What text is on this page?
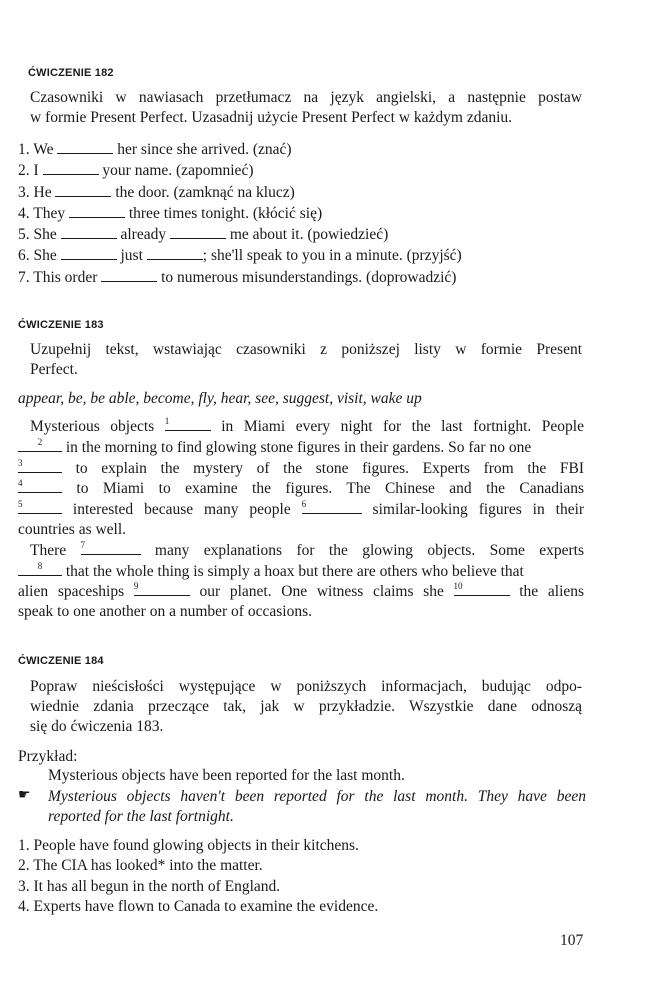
ĆWICZENIE 182
Czasowniki w nawiasach przetłumacz na język angielski, a następnie postaw
w formie Present Perfect. Uzasadnij użycie Present Perfect w każdym zdaniu.
1. We	her since she arrived. (znać)
2. I	your name. (zapomnieć)
3. He	the door. (zamknąć na klucz)
4. They	three times tonight. (kłócić się)
5. She	already	me about it. (powiedzieć)
6. She	just	; she'll speak to you in a minute. (przyjść)
7. This order	to numerous misunderstandings. (doprowadzić)
ĆWICZENIE 183
Uzupełnij tekst, wstawiając czasowniki z poniższej listy w formie Present
Perfect.
appear, be, be able, become, fly, hear, see, suggest, visit, wake up
Mysterious objects 1	in Miami every night for the last fortnight. People
2	in the morning to find glowing stone figures in their gardens. So far no one
3	to explain the mystery of the stone figures. Experts from the FBI
4	to Miami to examine the figures. The Chinese and the Canadians
5	interested because many people 6	similar-looking figures in their
countries as well.
There 7	many explanations for the glowing objects. Some experts
8	that the whole thing is simply a hoax but there are others who believe that
alien spaceships 9	our planet. One witness claims she 10	the aliens
speak to one another on a number of occasions.
ĆWICZENIE 184
Popraw nieścisłości występujące w poniższych informacjach, budując odpo-
wiednie zdania przeczące tak, jak w przykładzie. Wszystkie dane odnoszą
się do ćwiczenia 183.
Przykład:
Mysterious objects have been reported for the last month.
☛ Mysterious objects haven't been reported for the last month. They have been
reported for the last fortnight.
1. People have found glowing objects in their kitchens.
2. The CIA has looked* into the matter.
3. It has all begun in the north of England.
4. Experts have flown to Canada to examine the evidence.
107
